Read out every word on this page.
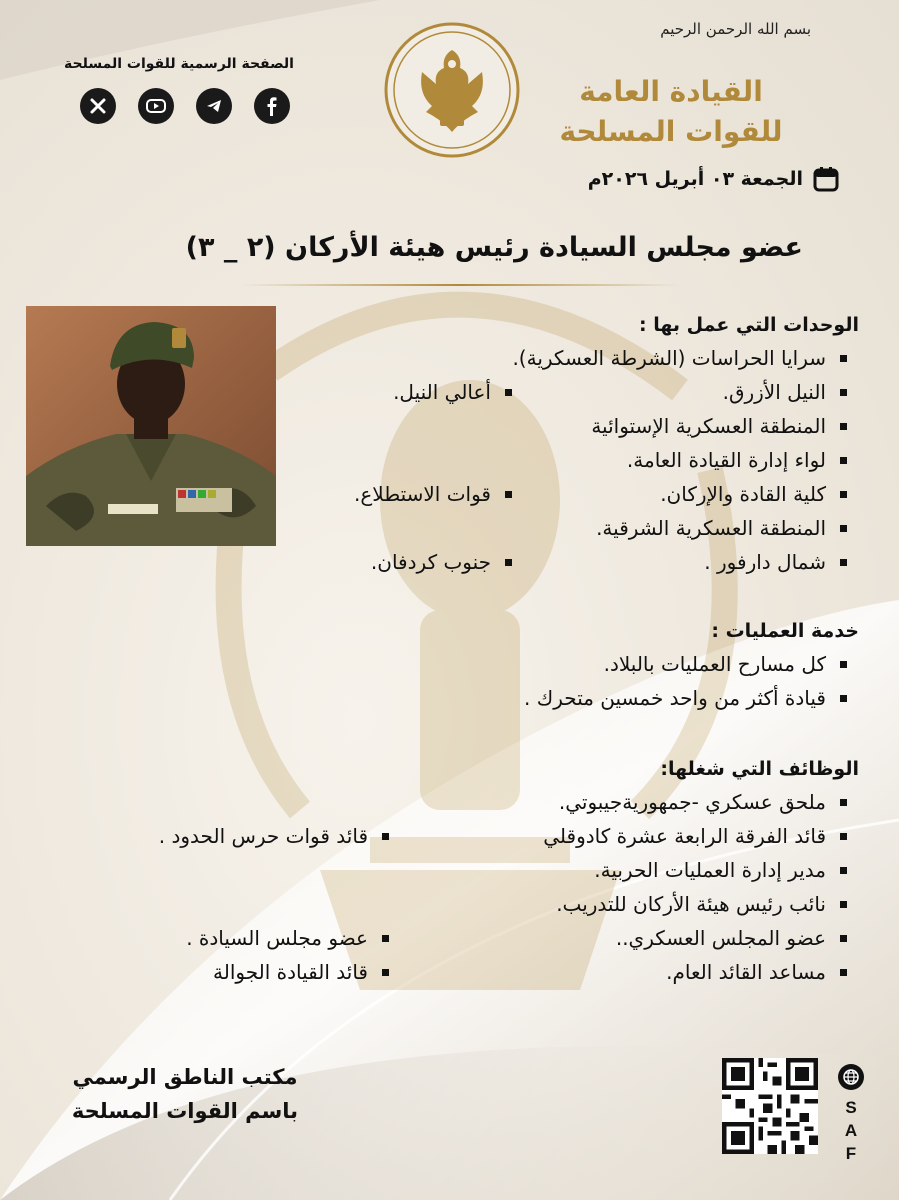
بسم الله الرحمن الرحيم
القيادة العامة
للقوات المسلحة
الجمعة ٠٣ أبريل ٢٠٢٦م
الصفحة الرسمية للقوات المسلحة
عضو مجلس السيادة رئيس هيئة الأركان (٢ _ ٣)
الوحدات التي عمل بها :
سرايا الحراسات (الشرطة العسكرية).
النيل الأزرق.
أعالي النيل.
المنطقة العسكرية الإستوائية
لواء إدارة القيادة العامة.
كلية القادة والإركان.
قوات الاستطلاع.
المنطقة العسكرية الشرقية.
شمال دارفور .
جنوب كردفان.
خدمة العمليات :
كل مسارح العمليات بالبلاد.
قيادة أكثر من واحد خمسين متحرك .
الوظائف التي شغلها:
ملحق عسكري -جمهوريةجيبوتي.
قائد الفرقة الرابعة عشرة كادوقلي
قائد قوات حرس الحدود .
مدير إدارة العمليات الحربية.
نائب رئيس هيئة الأركان للتدريب.
عضو المجلس العسكري..
عضو مجلس السيادة .
مساعد القائد العام.
قائد القيادة الجوالة
مكتب الناطق الرسمي
باسم القوات المسلحة	S
A
F
